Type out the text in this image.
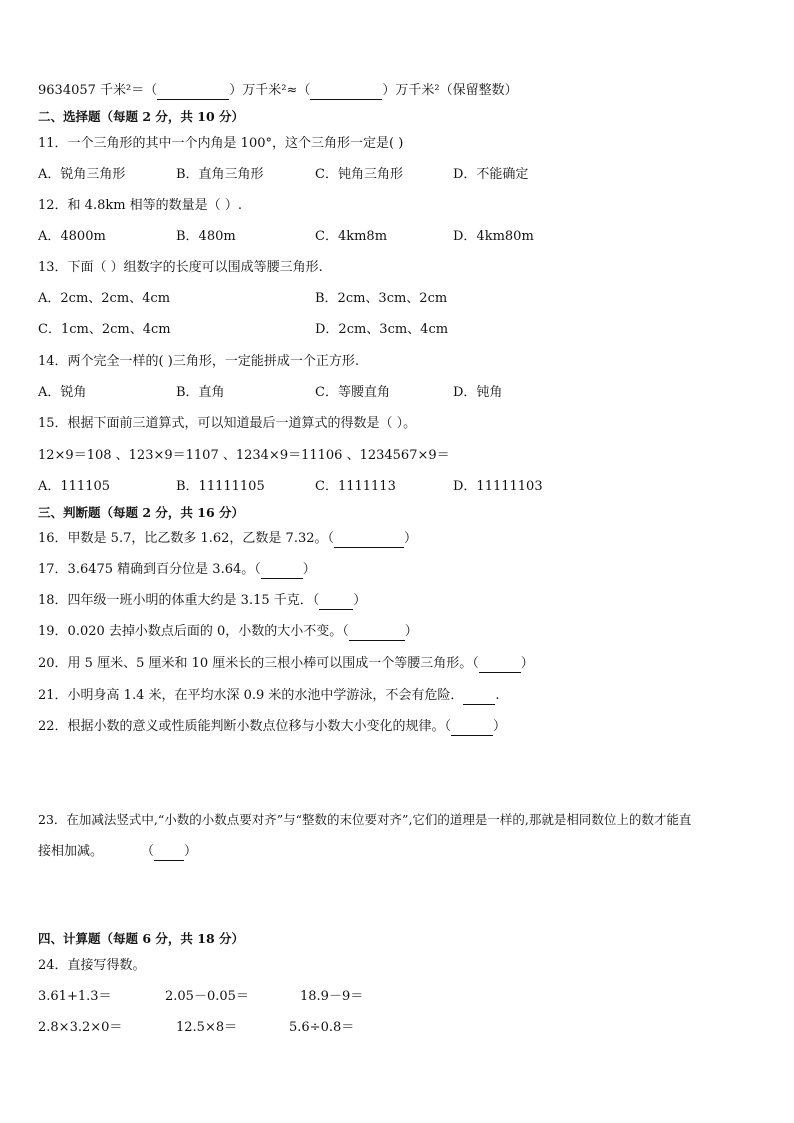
9634057 千米²＝（	）万千米²≈（	）万千米²（保留整数）
二、选择题（每题 2 分，共 10 分）
11．一个三角形的其中一个内角是 100°，这个三角形一定是( )
A．锐角三角形	B．直角三角形	C．钝角三角形	D．不能确定
12．和 4.8km 相等的数量是（ ）.
A．4800m	B．480m	C．4km8m	D．4km80m
13．下面（ ）组数字的长度可以围成等腰三角形.
A．2cm、2cm、4cm	B．2cm、3cm、2cm
C．1cm、2cm、4cm	D．2cm、3cm、4cm
14．两个完全一样的( )三角形，一定能拼成一个正方形.
A．锐角	B．直角	C．等腰直角	D．钝角
15．根据下面前三道算式，可以知道最后一道算式的得数是（ ）。
12×9＝108 、123×9＝1107 、1234×9＝11106 、1234567×9＝
A．111105	B．11111105	C．1111113	D．11111103
三、判断题（每题 2 分，共 16 分）
16．甲数是 5.7，比乙数多 1.62，乙数是 7.32。（	）
17．3.6475 精确到百分位是 3.64。（	）
18．四年级一班小明的体重大约是 3.15 千克．（	）
19．0.020 去掉小数点后面的 0，小数的大小不变。（	）
20．用 5 厘米、5 厘米和 10 厘米长的三根小棒可以围成一个等腰三角形。（	）
21．小明身高 1.4 米，在平均水深 0.9 米的水池中学游泳，不会有危险． .
22．根据小数的意义或性质能判断小数点位移与小数大小变化的规律。（	）
23．在加减法竖式中,“小数的小数点要对齐”与“整数的末位要对齐”,它们的道理是一样的,那就是相同数位上的数才能直
接相加减。	（ ）
四、计算题（每题 6 分，共 18 分）
24．直接写得数。
3.61+1.3＝	2.05－0.05＝	18.9－9＝
2.8×3.2×0＝	12.5×8＝	5.6÷0.8＝
